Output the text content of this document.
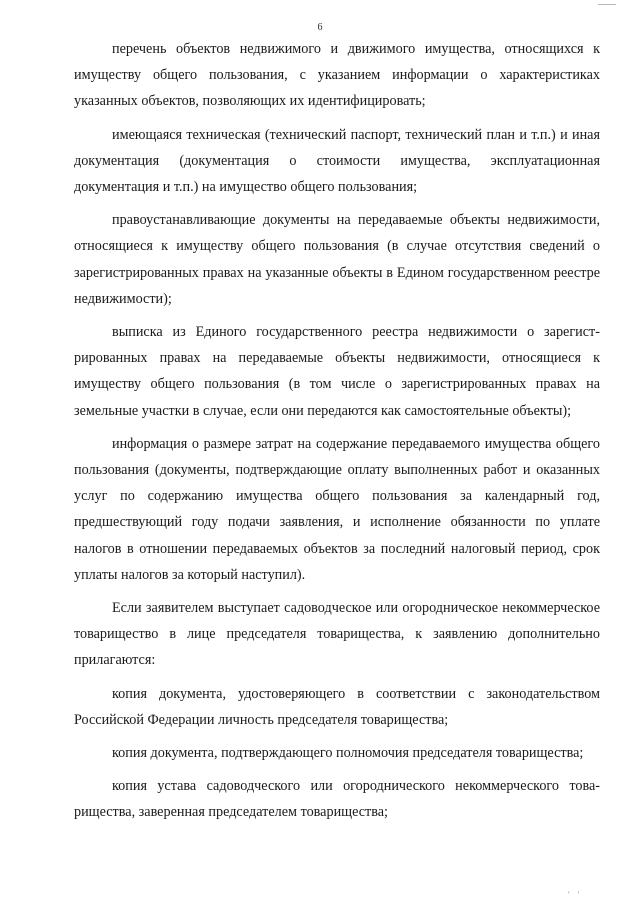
6

перечень объектов недвижимого и движимого имущества, относящихся к имуществу общего пользования, с указанием информации о характеристиках указанных объектов, позволяющих их идентифицировать;

имеющаяся техническая (технический паспорт, технический план и т.п.) и иная документация (документация о стоимости имущества, эксплуатационная документация и т.п.) на имущество общего пользования;

правоустанавливающие документы на передаваемые объекты недвижимости, относящиеся к имуществу общего пользования (в случае отсутствия сведений о зарегистрированных правах на указанные объекты в Едином государственном реестре недвижимости);

выписка из Единого государственного реестра недвижимости о зарегистрированных правах на передаваемые объекты недвижимости, относящиеся к имуществу общего пользования (в том числе о зарегистрированных правах на земельные участки в случае, если они передаются как самостоятельные объекты);

информация о размере затрат на содержание передаваемого имущества общего пользования (документы, подтверждающие оплату выполненных работ и оказанных услуг по содержанию имущества общего пользования за календарный год, предшествующий году подачи заявления, и исполнение обязанности по уплате налогов в отношении передаваемых объектов за последний налоговый период, срок уплаты налогов за который наступил).

Если заявителем выступает садоводческое или огородническое некоммерческое товарищество в лице председателя товарищества, к заявлению дополнительно прилагаются:

копия документа, удостоверяющего в соответствии с законодательством Российской Федерации личность председателя товарищества;

копия документа, подтверждающего полномочия председателя товарищества;

копия устава садоводческого или огороднического некоммерческого товарищества, заверенная председателем товарищества;

' '
